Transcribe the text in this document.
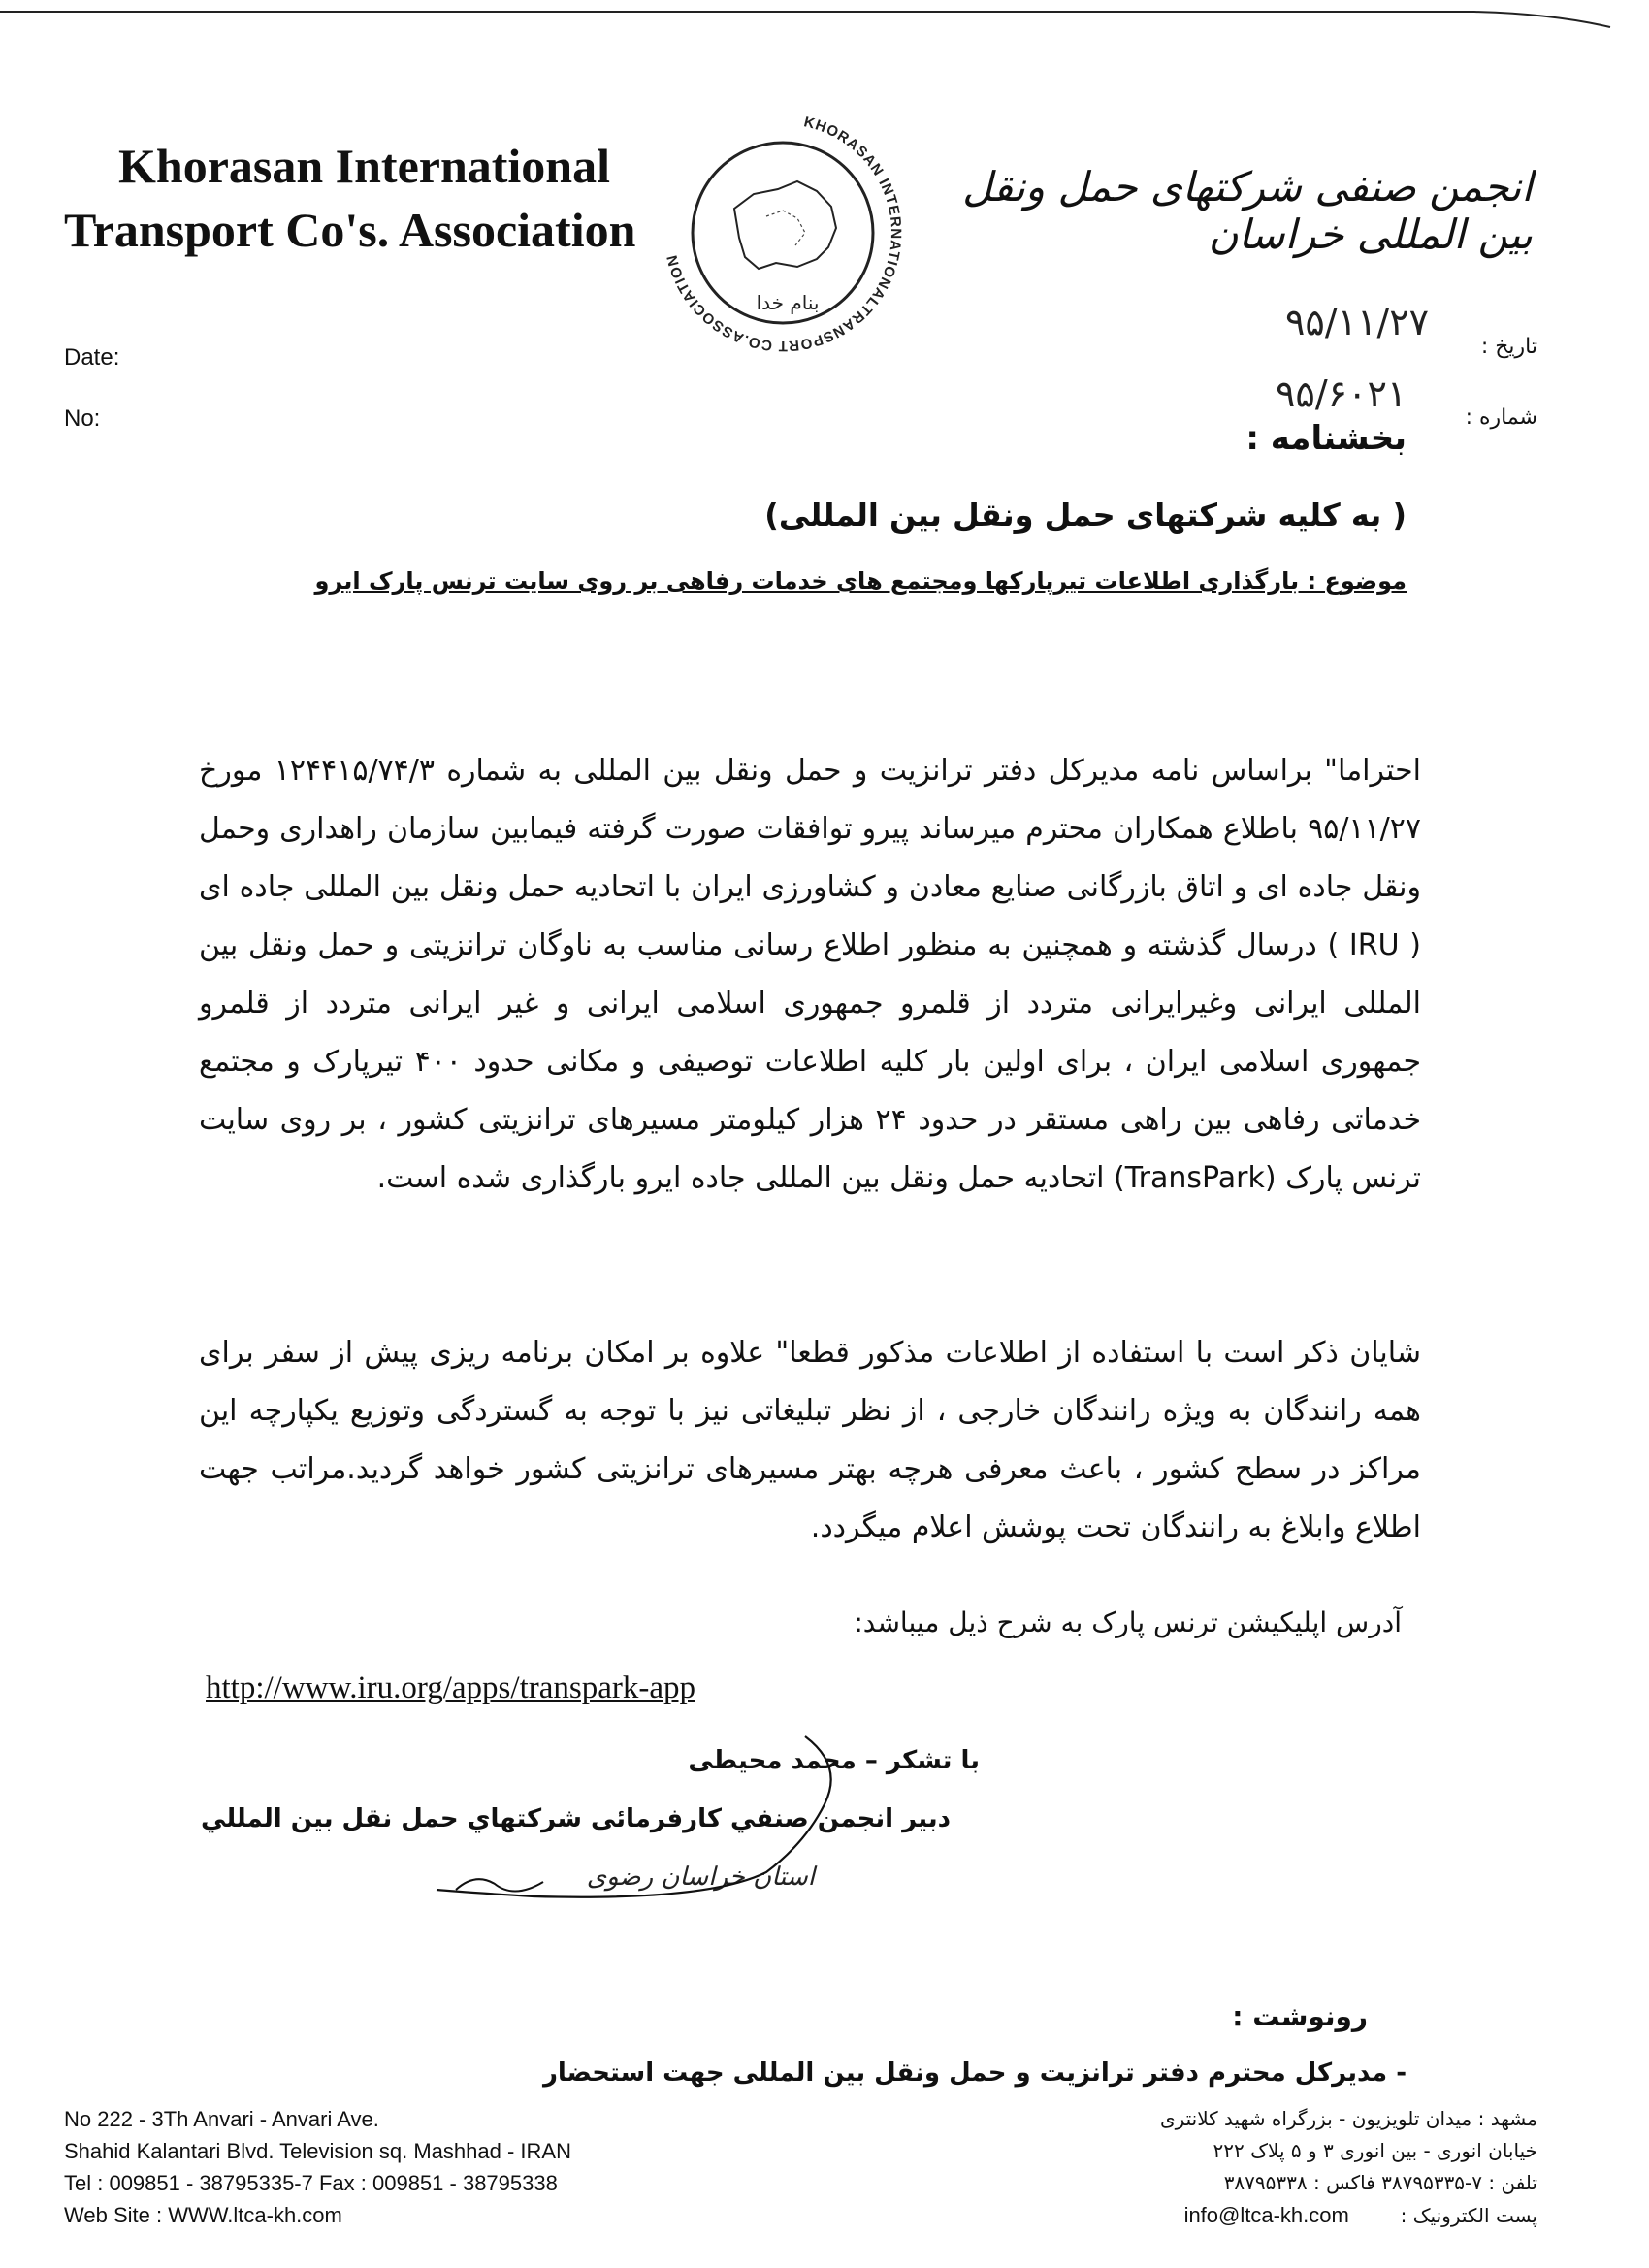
Khorasan International
Transport Co's. Association
Date:
No:
KHORASAN INTERNATIONALTRANSPORT CO.ASSOCIATION
بنام خدا
انجمن صنفی شرکتهای حمل ونقل بین المللی خراسان
تاریخ :
۹۵/۱۱/۲۷
شماره :
۹۵/۶۰۲۱
بخشنامه :
( به کلیه شرکتهای حمل ونقل بین المللی)
موضوع : بارگذاری اطلاعات تیرپارکها ومجتمع های خدمات رفاهی بر روی سایت ترنس پارک ایرو
احتراما" براساس نامه مدیرکل دفتر ترانزیت و حمل ونقل بین المللی به شماره ۱۲۴۴۱۵/۷۴/۳ مورخ ۹۵/۱۱/۲۷ باطلاع همکاران محترم میرساند پیرو توافقات صورت گرفته فیمابین سازمان راهداری وحمل ونقل جاده ای و اتاق بازرگانی صنایع معادن و کشاورزی ایران با اتحادیه حمل ونقل بین المللی جاده ای ( IRU ) درسال گذشته و همچنین به منظور اطلاع رسانی مناسب به ناوگان ترانزیتی و حمل ونقل بین المللی ایرانی وغیرایرانی متردد از قلمرو جمهوری اسلامی ایرانی و غیر ایرانی متردد از قلمرو جمهوری اسلامی ایران ، برای اولین بار کلیه اطلاعات توصیفی و مکانی حدود ۴۰۰ تیرپارک و مجتمع خدماتی رفاهی بین راهی مستقر در حدود ۲۴ هزار کیلومتر مسیرهای ترانزیتی کشور ، بر روی سایت ترنس پارک (TransPark) اتحادیه حمل ونقل بین المللی جاده ایرو بارگذاری شده است.
شایان ذکر است با استفاده از اطلاعات مذکور قطعا" علاوه بر امکان برنامه ریزی پیش از سفر برای همه رانندگان به ویژه رانندگان خارجی ، از نظر تبلیغاتی نیز با توجه به گستردگی وتوزیع یکپارچه این مراکز در سطح کشور ، باعث معرفی هرچه بهتر مسیرهای ترانزیتی کشور خواهد گردید.مراتب جهت اطلاع وابلاغ به رانندگان تحت پوشش اعلام میگردد.
آدرس اپلیکیشن ترنس پارک به شرح ذیل میباشد:
http://www.iru.org/apps/transpark-app
با تشکر – محمد محیطی
دبیر انجمن صنفي كارفرمائی شركتهاي حمل نقل بين المللي
استان خراسان رضوی
رونوشت :
- مدیرکل محترم دفتر ترانزیت و حمل ونقل بین المللی جهت استحضار
No 222 - 3Th Anvari - Anvari Ave.
Shahid Kalantari Blvd. Television sq. Mashhad - IRAN
Tel : 009851 - 38795335-7 Fax : 009851 - 38795338
Web Site : WWW.ltca-kh.com
مشهد : میدان تلویزیون - بزرگراه شهید کلانتری
خیابان انوری - بین انوری ۳ و ۵ پلاک ۲۲۲
تلفن : ۷-۳۸۷۹۵۳۳۵ فاکس : ۳۸۷۹۵۳۳۸
پست الکترونیک :  info@ltca-kh.com
